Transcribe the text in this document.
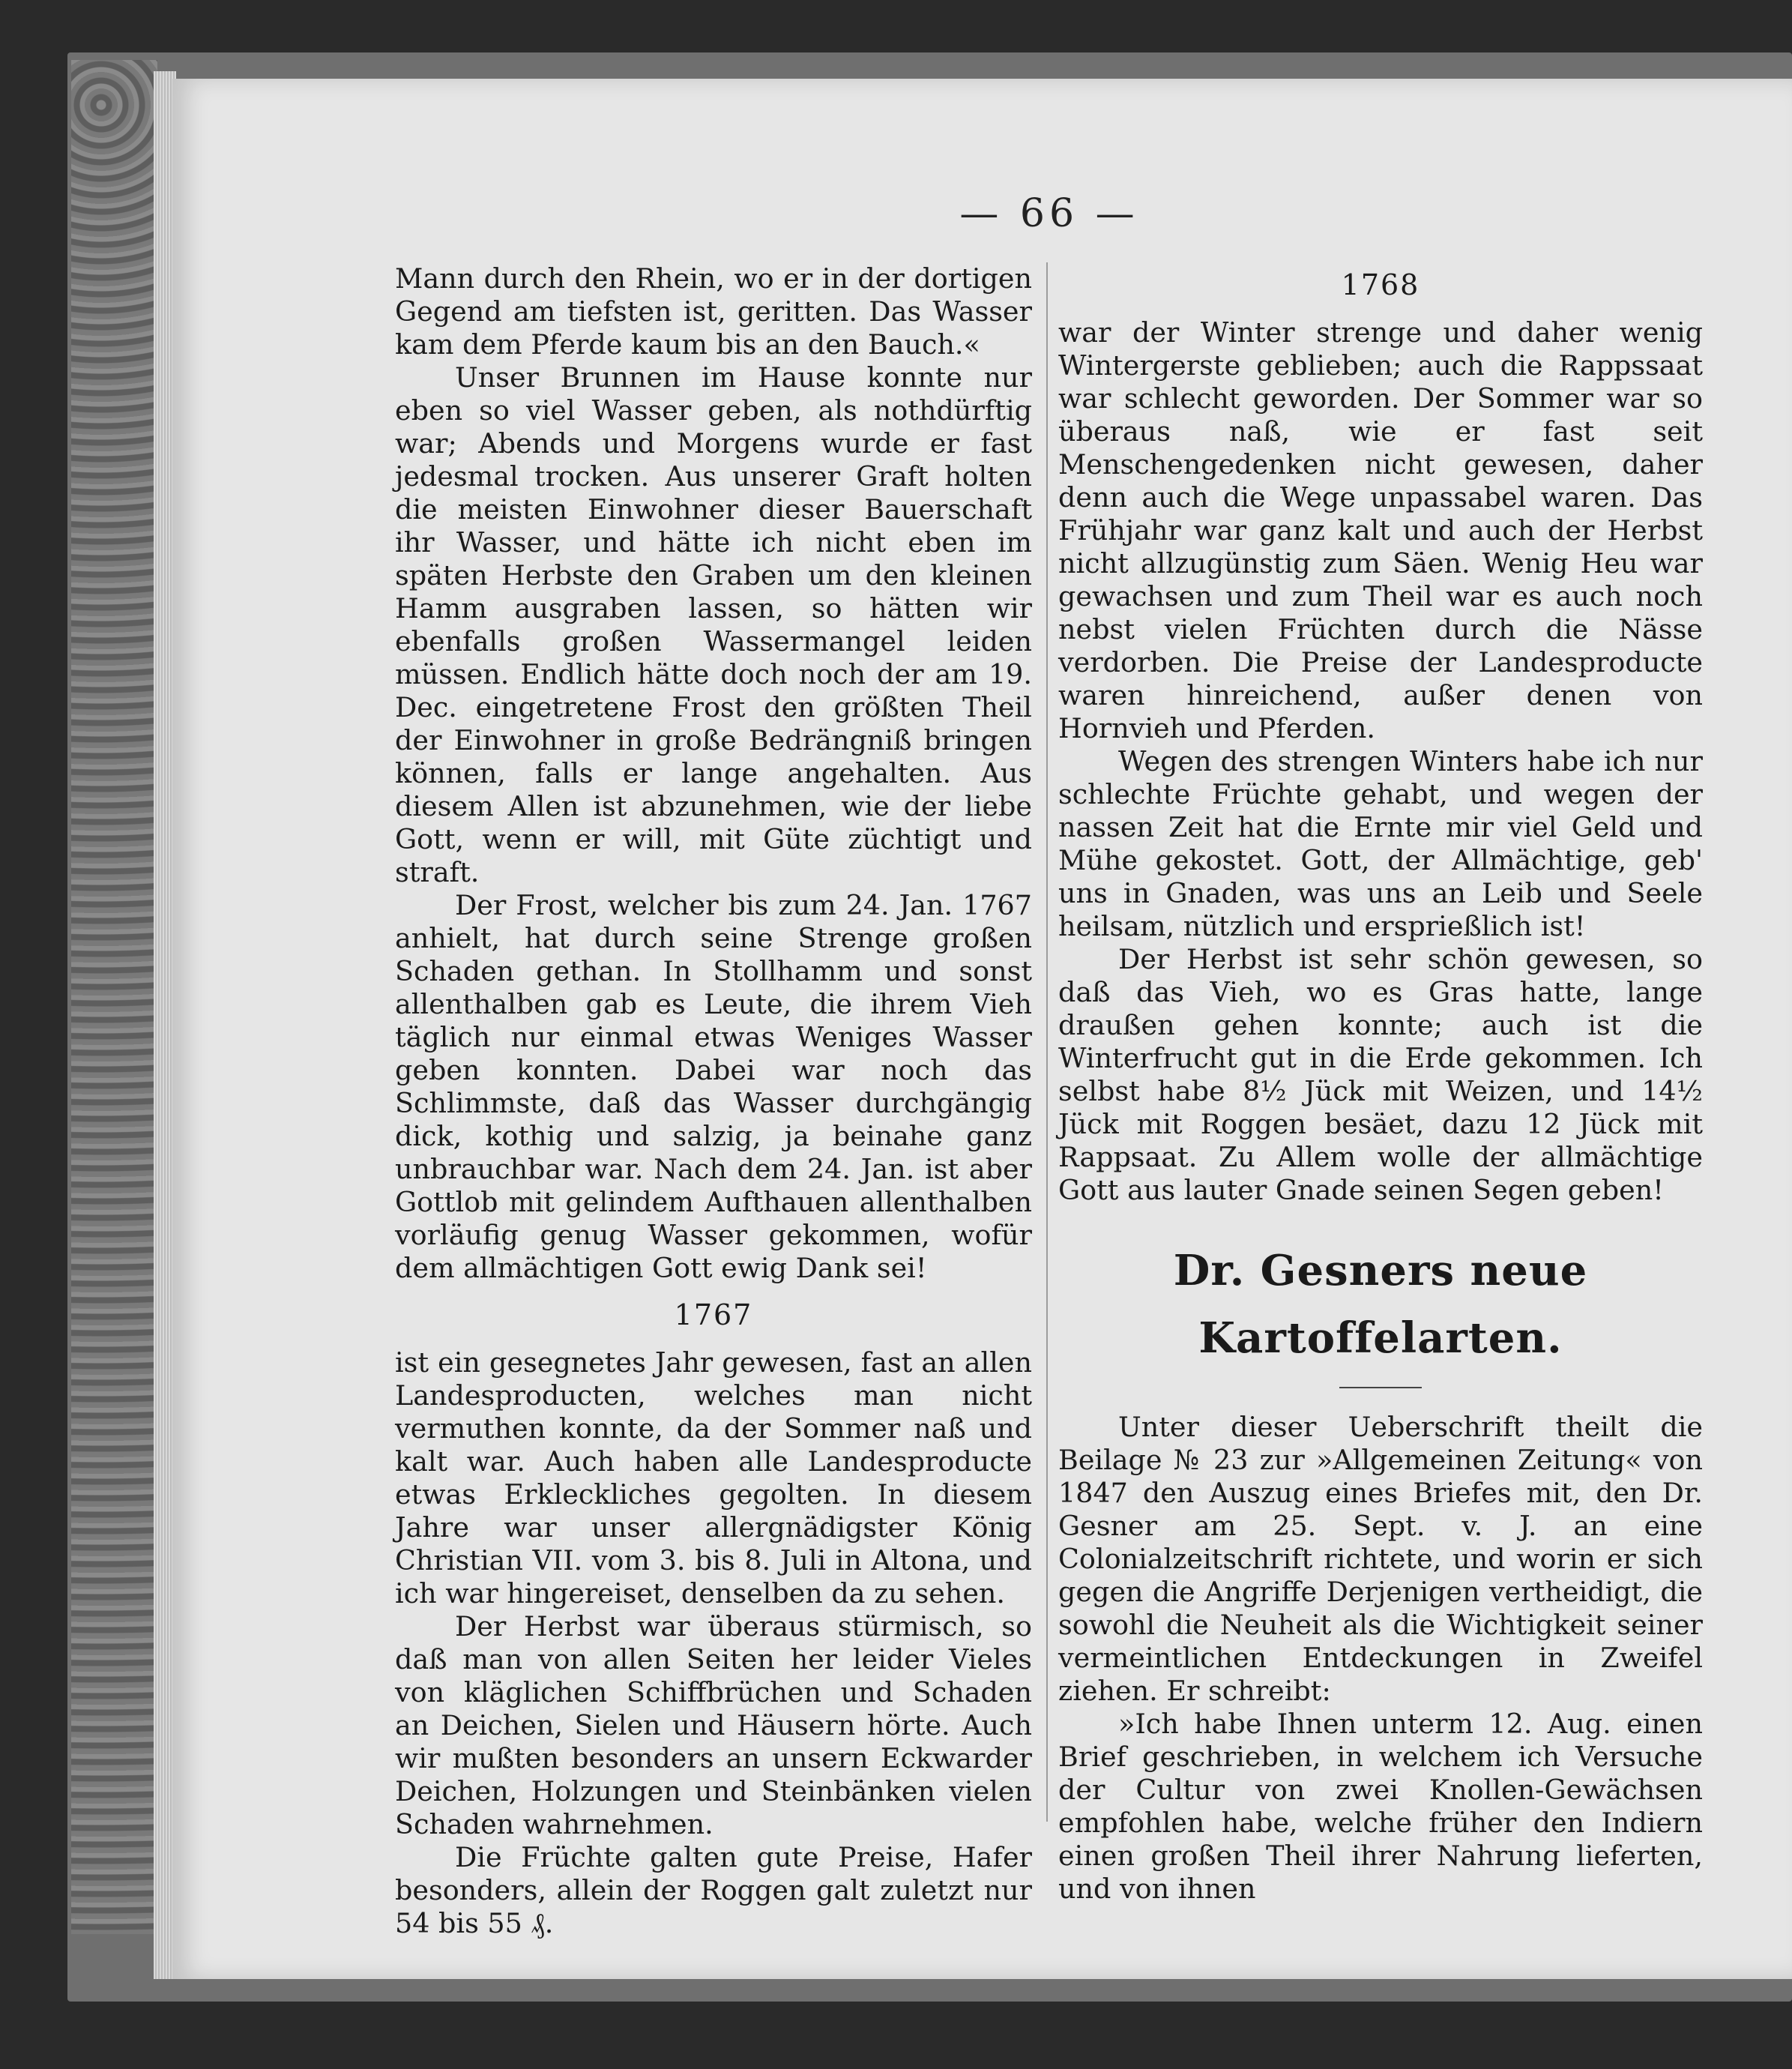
— 66 —

Mann durch den Rhein, wo er in der dortigen Gegend am tiefsten ist, geritten. Das Wasser kam dem Pferde kaum bis an den Bauch.«

Unser Brunnen im Hause konnte nur eben so viel Wasser geben, als nothdürftig war; Abends und Morgens wurde er fast jedesmal trocken. Aus unserer Graft holten die meisten Einwohner dieser Bauerschaft ihr Wasser, und hätte ich nicht eben im späten Herbste den Graben um den kleinen Hamm ausgraben lassen, so hätten wir ebenfalls großen Wassermangel leiden müssen. Endlich hätte doch noch der am 19. Dec. eingetretene Frost den größten Theil der Einwohner in große Bedrängniß bringen können, falls er lange angehalten. Aus diesem Allen ist abzunehmen, wie der liebe Gott, wenn er will, mit Güte züchtigt und straft.

Der Frost, welcher bis zum 24. Jan. 1767 anhielt, hat durch seine Strenge großen Schaden gethan. In Stollhamm und sonst allenthalben gab es Leute, die ihrem Vieh täglich nur einmal etwas Weniges Wasser geben konnten. Dabei war noch das Schlimmste, daß das Wasser durchgängig dick, kothig und salzig, ja beinahe ganz unbrauchbar war. Nach dem 24. Jan. ist aber Gottlob mit gelindem Aufthauen allenthalben vorläufig genug Wasser gekommen, wofür dem allmächtigen Gott ewig Dank sei!

1767

ist ein gesegnetes Jahr gewesen, fast an allen Landesproducten, welches man nicht vermuthen konnte, da der Sommer naß und kalt war. Auch haben alle Landesproducte etwas Erkleckliches gegolten. In diesem Jahre war unser allergnädigster König Christian VII. vom 3. bis 8. Juli in Altona, und ich war hingereiset, denselben da zu sehen.

Der Herbst war überaus stürmisch, so daß man von allen Seiten her leider Vieles von kläglichen Schiffbrüchen und Schaden an Deichen, Sielen und Häusern hörte. Auch wir mußten besonders an unsern Eckwarder Deichen, Holzungen und Steinbänken vielen Schaden wahrnehmen.

Die Früchte galten gute Preise, Hafer besonders, allein der Roggen galt zuletzt nur 54 bis 55 ₰.

1768

war der Winter strenge und daher wenig Wintergerste geblieben; auch die Rappssaat war schlecht geworden. Der Sommer war so überaus naß, wie er fast seit Menschengedenken nicht gewesen, daher denn auch die Wege unpassabel waren. Das Frühjahr war ganz kalt und auch der Herbst nicht allzugünstig zum Säen. Wenig Heu war gewachsen und zum Theil war es auch noch nebst vielen Früchten durch die Nässe verdorben. Die Preise der Landesproducte waren hinreichend, außer denen von Hornvieh und Pferden.

Wegen des strengen Winters habe ich nur schlechte Früchte gehabt, und wegen der nassen Zeit hat die Ernte mir viel Geld und Mühe gekostet. Gott, der Allmächtige, geb' uns in Gnaden, was uns an Leib und Seele heilsam, nützlich und ersprießlich ist!

Der Herbst ist sehr schön gewesen, so daß das Vieh, wo es Gras hatte, lange draußen gehen konnte; auch ist die Winterfrucht gut in die Erde gekommen. Ich selbst habe 8½ Jück mit Weizen, und 14½ Jück mit Roggen besäet, dazu 12 Jück mit Rappsaat. Zu Allem wolle der allmächtige Gott aus lauter Gnade seinen Segen geben!

Dr. Gesners neue Kartoffelarten.

Unter dieser Ueberschrift theilt die Beilage № 23 zur »Allgemeinen Zeitung« von 1847 den Auszug eines Briefes mit, den Dr. Gesner am 25. Sept. v. J. an eine Colonialzeitschrift richtete, und worin er sich gegen die Angriffe Derjenigen vertheidigt, die sowohl die Neuheit als die Wichtigkeit seiner vermeintlichen Entdeckungen in Zweifel ziehen. Er schreibt:

»Ich habe Ihnen unterm 12. Aug. einen Brief geschrieben, in welchem ich Versuche der Cultur von zwei Knollen-Gewächsen empfohlen habe, welche früher den Indiern einen großen Theil ihrer Nahrung lieferten, und von ihnen
